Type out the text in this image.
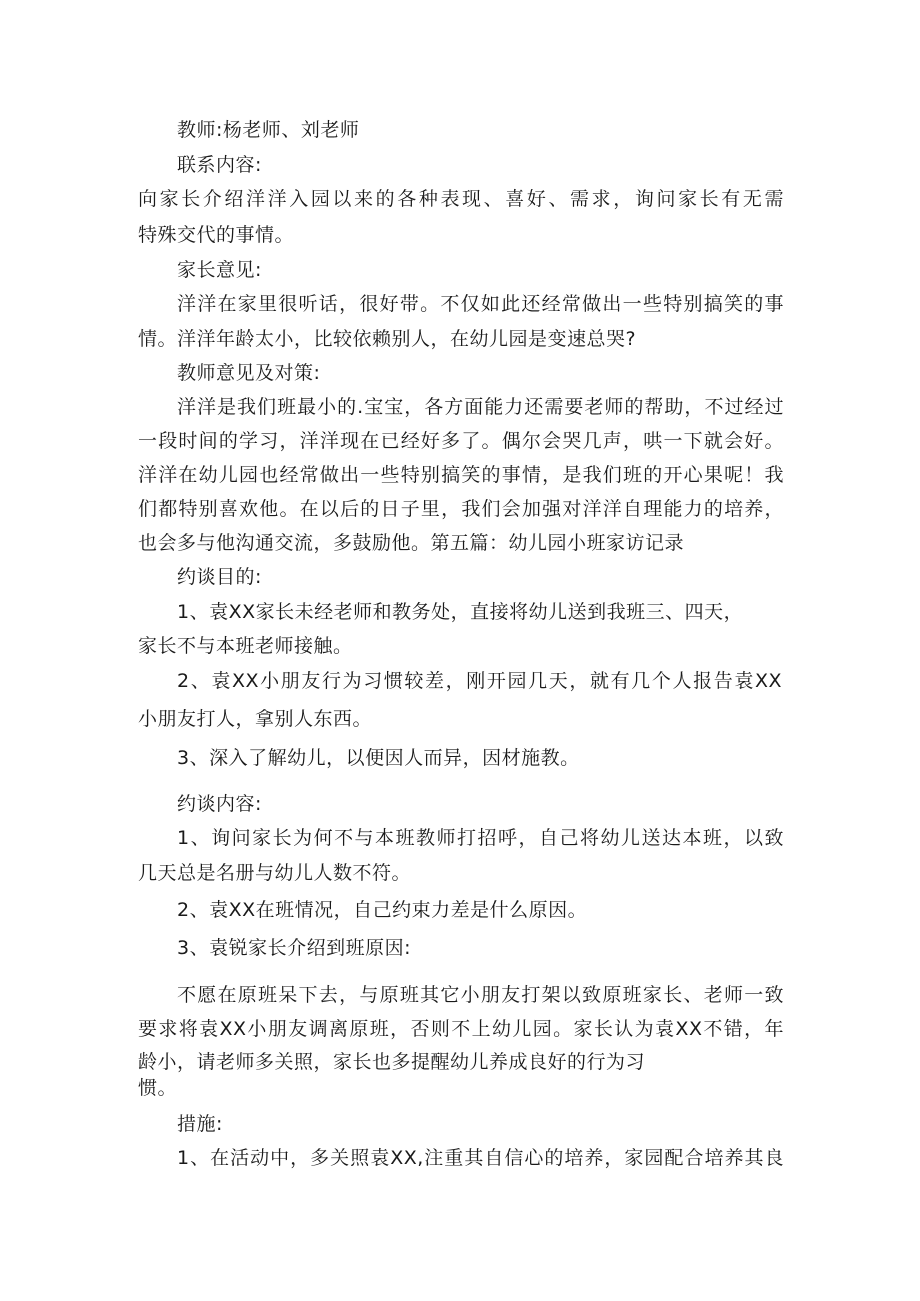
教师:杨老师、刘老师
联系内容:
向家长介绍洋洋入园以来的各种表现、喜好、需求，询问家长有无需
特殊交代的事情。
家长意见:
洋洋在家里很听话，很好带。不仅如此还经常做出一些特别搞笑的事
情。洋洋年龄太小，比较依赖别人，在幼儿园是变速总哭?
教师意见及对策:
洋洋是我们班最小的.宝宝，各方面能力还需要老师的帮助，不过经过
一段时间的学习，洋洋现在已经好多了。偶尔会哭几声，哄一下就会好。
洋洋在幼儿园也经常做出一些特别搞笑的事情，是我们班的开心果呢！我
们都特别喜欢他。在以后的日子里，我们会加强对洋洋自理能力的培养，
也会多与他沟通交流，多鼓励他。第五篇：幼儿园小班家访记录
约谈目的:
1、袁XX家长未经老师和教务处，直接将幼儿送到我班三、四天，
家长不与本班老师接触。
2、袁XX小朋友行为习惯较差，刚开园几天，就有几个人报告袁XX
小朋友打人，拿别人东西。
3、深入了解幼儿，以便因人而异，因材施教。
约谈内容:
1、询问家长为何不与本班教师打招呼，自己将幼儿送达本班，以致
几天总是名册与幼儿人数不符。
2、袁XX在班情况，自己约束力差是什么原因。
3、袁锐家长介绍到班原因:
不愿在原班呆下去，与原班其它小朋友打架以致原班家长、老师一致
要求将袁XX小朋友调离原班，否则不上幼儿园。家长认为袁XX不错，年
龄小，请老师多关照，家长也多提醒幼儿养成良好的行为习
惯。
措施:
1、在活动中，多关照袁XX,注重其自信心的培养，家园配合培养其良
